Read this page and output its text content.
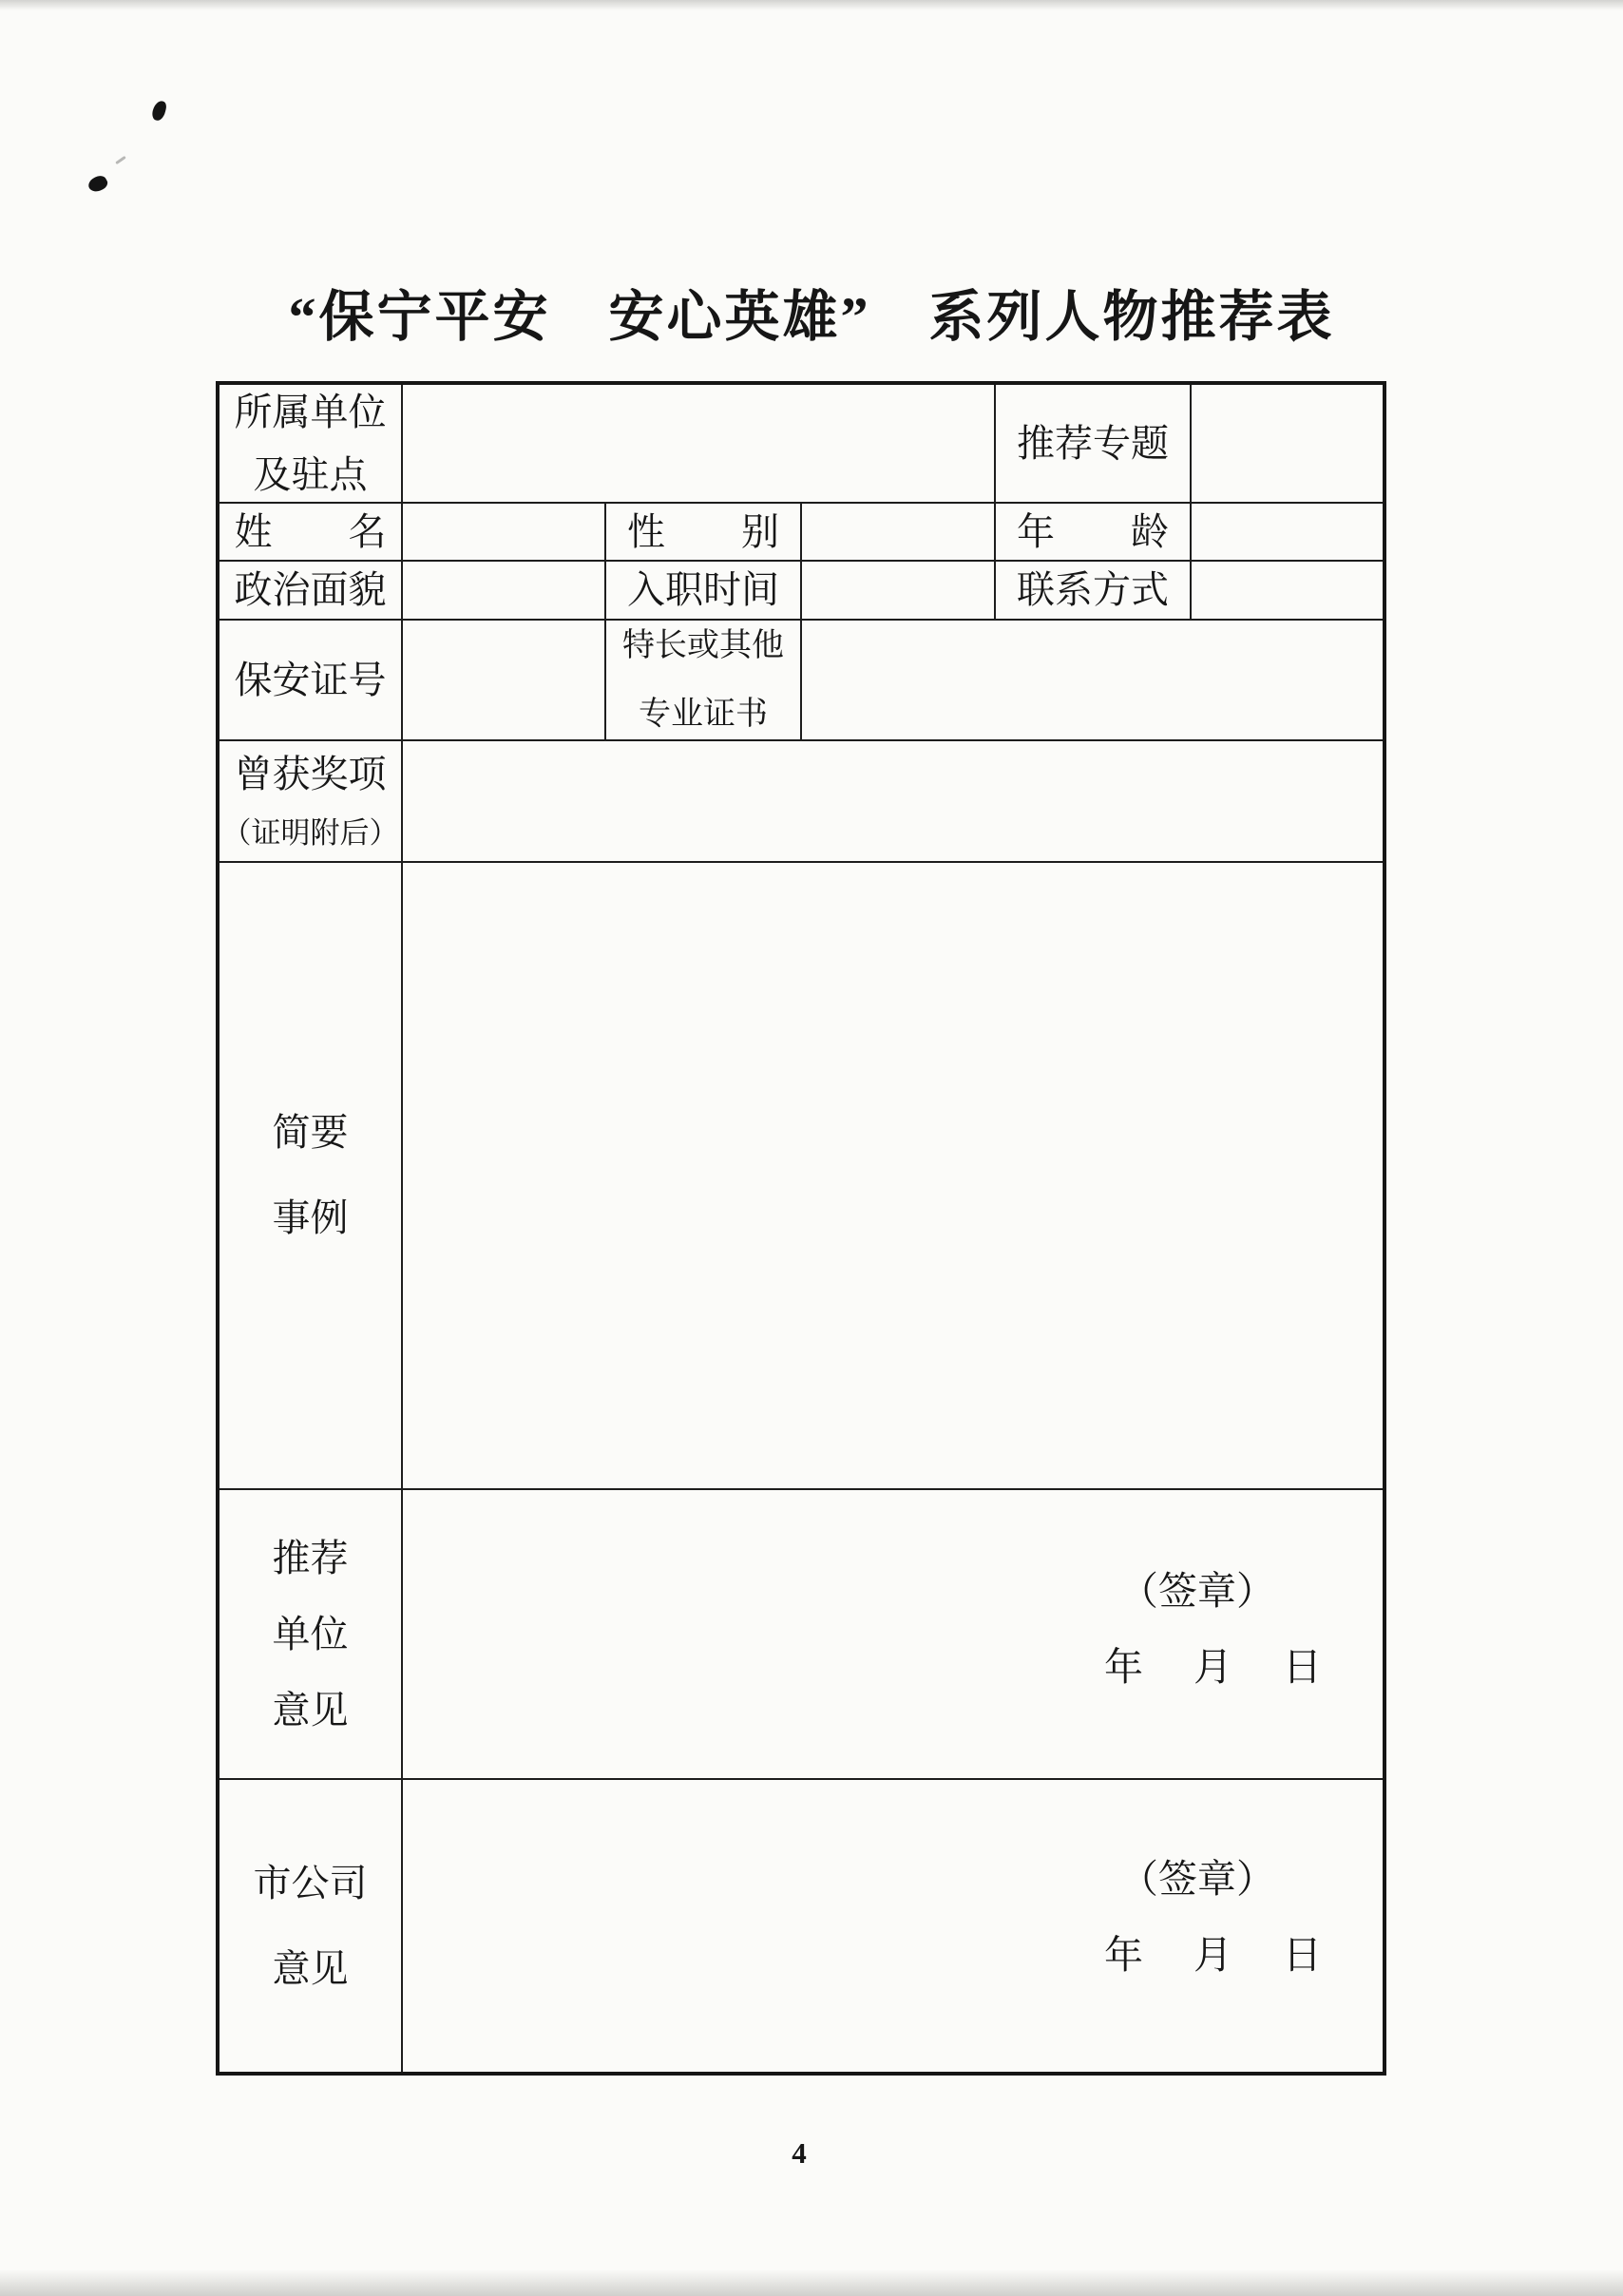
“保宁平安　安心英雄”　系列人物推荐表
所属单位
及驻点				推荐专题	

姓　　名		性　　别		年　　龄	

政治面貌		入职时间		联系方式	

保安证号		特长或其他
专业证书			

曾获奖项
（证明附后）					

简要
事例					

推荐
单位
意见

（签章）
年　月　日

市公司
意见

（签章）
年　月　日
4
